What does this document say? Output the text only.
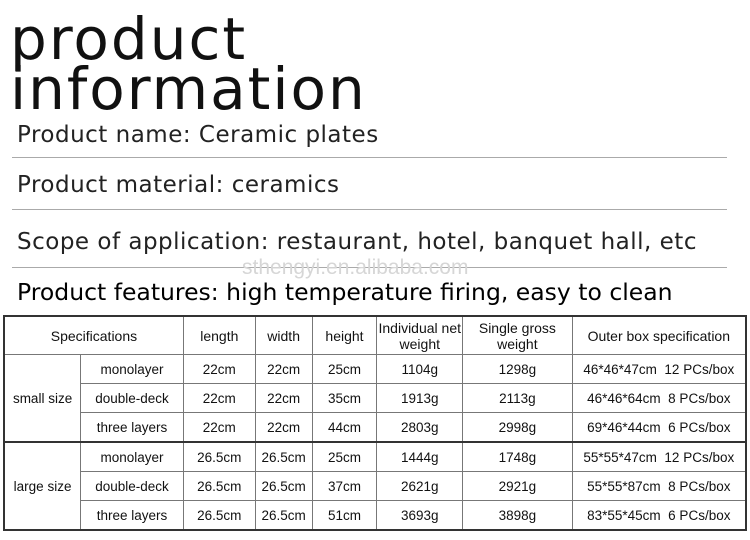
product
information
Product name: Ceramic plates
Product material: ceramics
Scope of application: restaurant, hotel, banquet hall, etc
sthengyi.en.alibaba.com
Product features: high temperature firing, easy to clean
Specifications		length	width	height	Individual net weight	Single gross weight	Outer box specification
small size	monolayer	22cm	22cm	25cm	1104g	1298g	46*46*47cm  12 PCs/box
	double-deck	22cm	22cm	35cm	1913g	2113g	46*46*64cm  8 PCs/box
	three layers	22cm	22cm	44cm	2803g	2998g	69*46*44cm  6 PCs/box
large size	monolayer	26.5cm	26.5cm	25cm	1444g	1748g	55*55*47cm  12 PCs/box
	double-deck	26.5cm	26.5cm	37cm	2621g	2921g	55*55*87cm  8 PCs/box
	three layers	26.5cm	26.5cm	51cm	3693g	3898g	83*55*45cm  6 PCs/box
